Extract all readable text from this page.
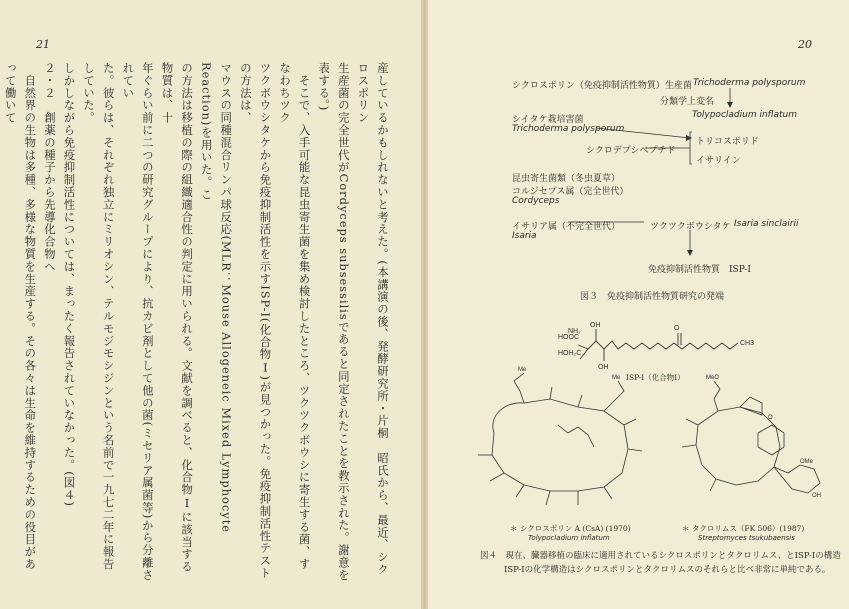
21

産しているかもしれないと考えた。(本講演の後、発酵研究所・片桐　昭氏から、最近、シクロスポリン

生産菌の完全世代がCordyceps subsessilisであると同定されたことを教示された。謝意を表する。)

　そこで、入手可能な昆虫寄生菌を集め検討したところ、ツクツクボウシに寄生する菌、すなわちツク

ツクボウシタケから免疫抑制活性を示すISP-I(化合物Ⅰ)が見つかった。免疫抑制活性テストの方法は、

マウスの同種混合リンパ球反応(MLR：Mouse Allogeneic Mixed Lymphocyte Reaction)を用いた。こ

の方法は移植の際の組織適合性の判定に用いられる。文献を調べると、化合物Ⅰに該当する物質は、十

年ぐらい前に二つの研究グループにより、抗カビ剤として他の菌(ミセリア属菌等)から分離されてい

た。彼らは、それぞれ独立にミリオシン、テルモジモシジンという名前で一九七二年に報告していた。

しかしながら免疫抑制活性については、まったく報告されていなかった。(図４)

２・２　創薬の種子から先導化合物へ

　自然界の生物は多種、多様な物質を生産する。その各々は生命を維持するための役目があって働いて

20
シクロスポリン（免疫抑制活性物質）生産菌 Trichoderma polysporum
分類学上変名
Tolypocladium inflatum
シイタケ栽培害菌
Trichoderma polysporum
トリコスポリド
シクロデプシペプチド
イサリイン
昆虫寄生菌類（冬虫夏草）
コルジセプス属（完全世代）
Cordyceps
イサリア属（不完全世代）
Isaria
ツクツクボウシタケ Isaria sinclairii
免疫抑制活性物質　ISP-I
図３　免疫抑制活性物質研究の発端
HOOC
NH₂
OH
HOH₂C
OH
O
CH3
MeO
OMe
OH
O
Me
Me ISP-I（化合物Ⅰ）
＊ シクロスポリン A (CsA) (1970)
Tolypocladium inflatum
＊ タクロリムス（FK 506）(1987)
Streptomyces tsukubaensis
図４　現在、臓器移植の臨床に適用されているシクロスポリンとタクロリムス、とISP-Iの構造
ISP-Iの化学構造はシクロスポリンとタクロリムスのそれらと比べ非常に単純である。
